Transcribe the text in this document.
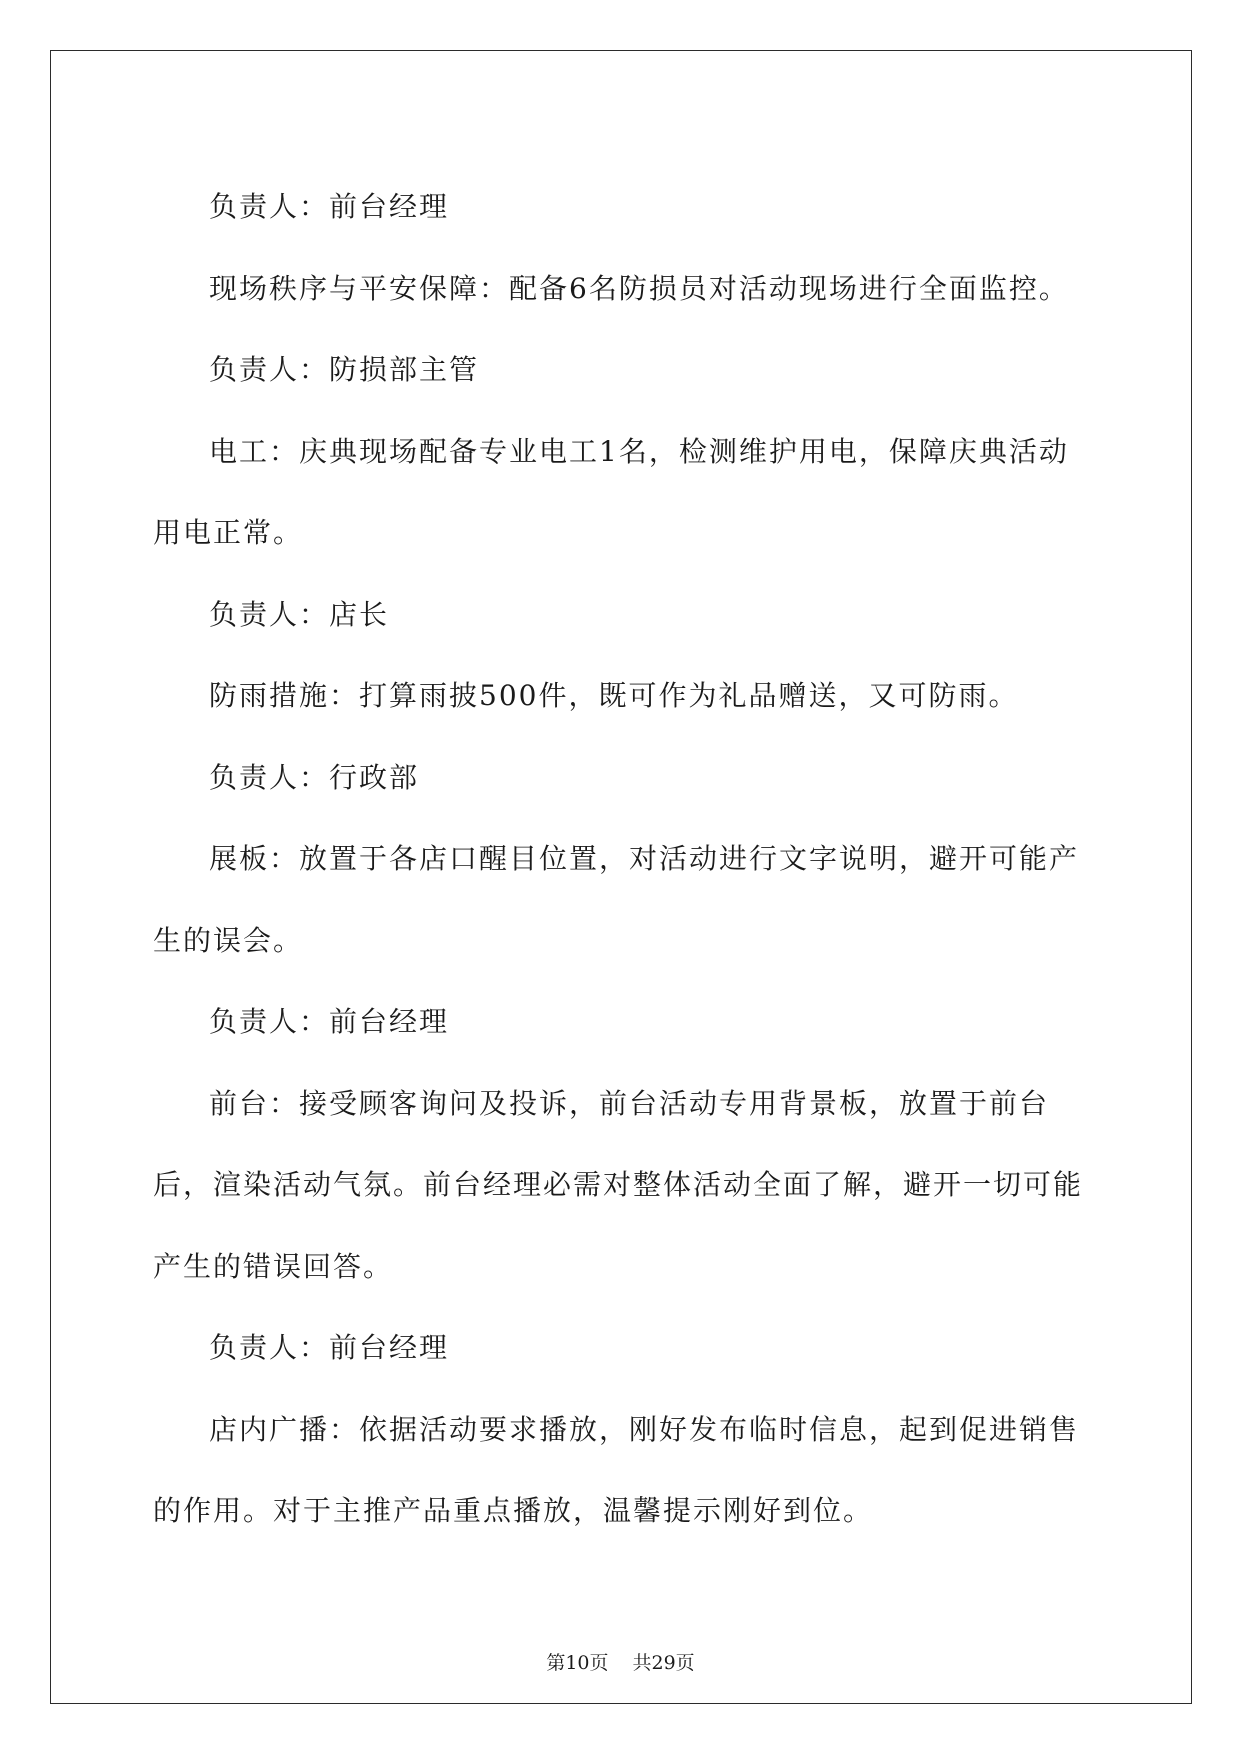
负责人：前台经理

现场秩序与平安保障：配备6名防损员对活动现场进行全面监控。

负责人：防损部主管

电工：庆典现场配备专业电工1名，检测维护用电，保障庆典活动用电正常。

负责人：店长

防雨措施：打算雨披500件，既可作为礼品赠送，又可防雨。

负责人：行政部

展板：放置于各店口醒目位置，对活动进行文字说明，避开可能产生的误会。

负责人：前台经理

前台：接受顾客询问及投诉，前台活动专用背景板，放置于前台后，渲染活动气氛。前台经理必需对整体活动全面了解，避开一切可能产生的错误回答。

负责人：前台经理

店内广播：依据活动要求播放，刚好发布临时信息，起到促进销售的作用。对于主推产品重点播放，温馨提示刚好到位。

第10页 共29页
